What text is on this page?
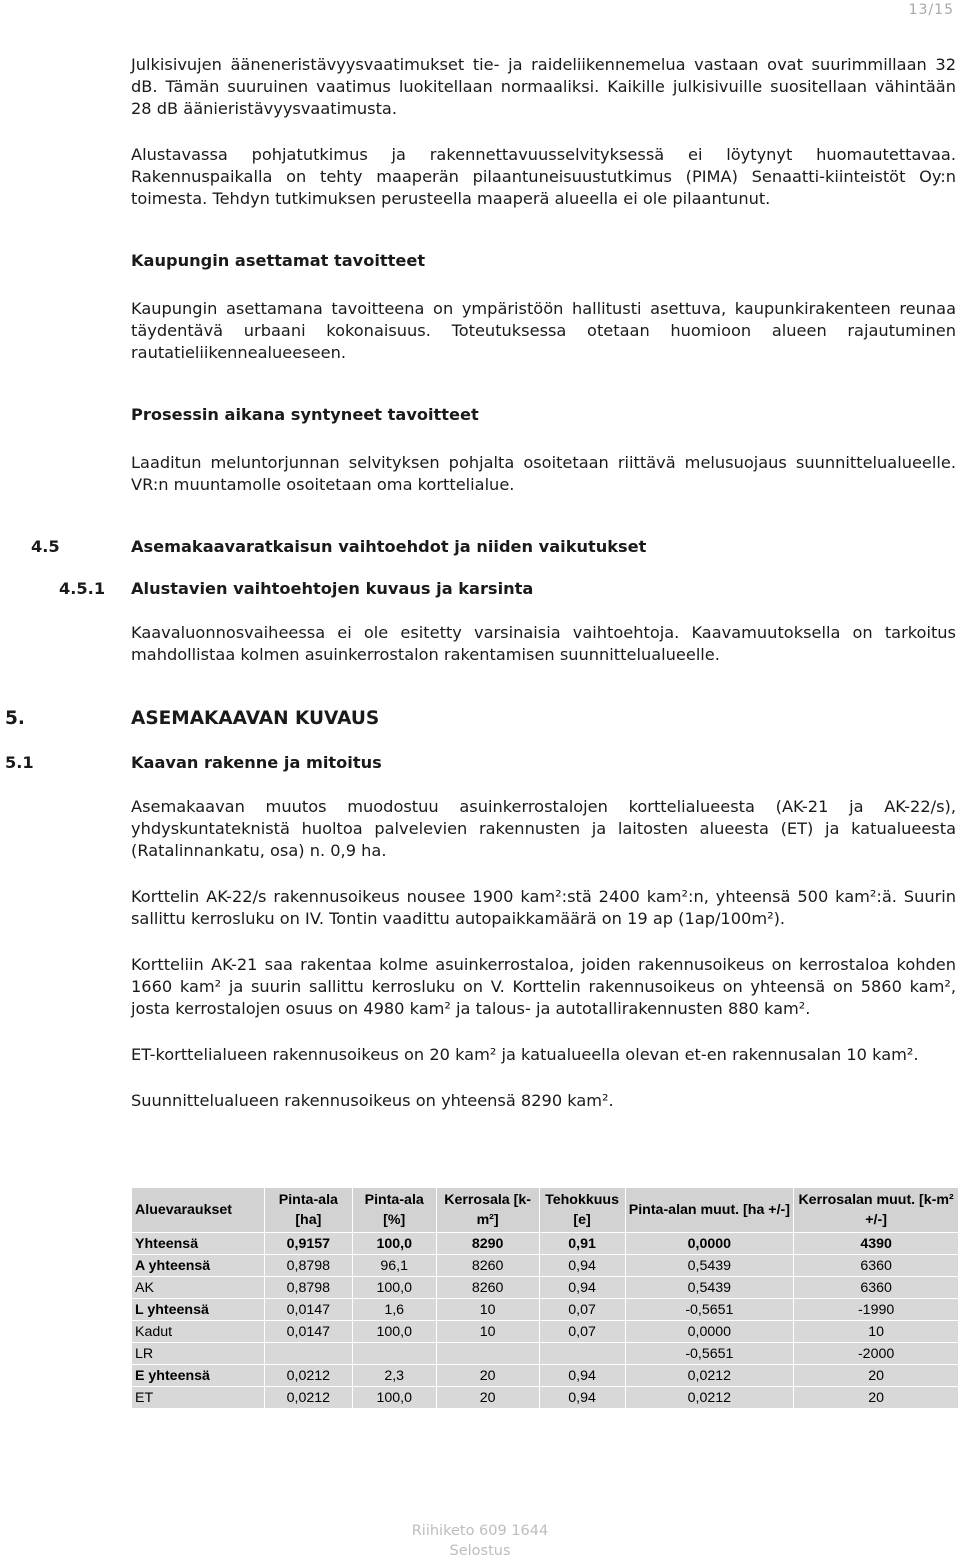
13/15

Julkisivujen ääneneristävyysvaatimukset tie- ja raideliikennemelua vastaan ovat suurimmillaan 32 dB. Tämän suuruinen vaatimus luokitellaan normaaliksi. Kaikille julkisivuille suositellaan vähintään 28 dB äänieristävyysvaatimusta.

Alustavassa pohjatutkimus ja rakennettavuusselvityksessä ei löytynyt huomautettavaa. Rakennuspaikalla on tehty maaperän pilaantuneisuustutkimus (PIMA) Senaatti-kiinteistöt Oy:n toimesta. Tehdyn tutkimuksen perusteella maaperä alueella ei ole pilaantunut.

Kaupungin asettamat tavoitteet

Kaupungin asettamana tavoitteena on ympäristöön hallitusti asettuva, kaupunkirakenteen reunaa täydentävä urbaani kokonaisuus. Toteutuksessa otetaan huomioon alueen rajautuminen rautatieliikennealueeseen.

Prosessin aikana syntyneet tavoitteet

Laaditun meluntorjunnan selvityksen pohjalta osoitetaan riittävä melusuojaus suunnittelualueelle. VR:n muuntamolle osoitetaan oma korttelialue.

4.5	Asemakaavaratkaisun vaihtoehdot ja niiden vaikutukset
4.5.1 Alustavien vaihtoehtojen kuvaus ja karsinta

Kaavaluonnosvaiheessa ei ole esitetty varsinaisia vaihtoehtoja. Kaavamuutoksella on tarkoitus mahdollistaa kolmen asuinkerrostalon rakentamisen suunnittelualueelle.

5.	ASEMAKAAVAN KUVAUS
5.1	Kaavan rakenne ja mitoitus

Asemakaavan muutos muodostuu asuinkerrostalojen korttelialueesta (AK-21 ja AK-22/s), yhdyskuntateknistä huoltoa palvelevien rakennusten ja laitosten alueesta (ET) ja katualueesta (Ratalinnankatu, osa) n. 0,9 ha.

Korttelin AK-22/s rakennusoikeus nousee 1900 kam²:stä 2400 kam²:n, yhteensä 500 kam²:ä. Suurin sallittu kerrosluku on IV. Tontin vaadittu autopaikkamäärä on 19 ap (1ap/100m²).

Kortteliin AK-21 saa rakentaa kolme asuinkerrostaloa, joiden rakennusoikeus on kerrostaloa kohden 1660 kam² ja suurin sallittu kerrosluku on V. Korttelin rakennusoikeus on yhteensä on 5860 kam², josta kerrostalojen osuus on 4980 kam² ja talous- ja autotallirakennusten 880 kam².

ET-korttelialueen rakennusoikeus on 20 kam² ja katualueella olevan et-en rakennusalan 10 kam².

Suunnittelualueen rakennusoikeus on yhteensä 8290 kam².

Aluevaraukset	Pinta-ala [ha]	Pinta-ala [%]	Kerrosala [k-m²]	Tehokkuus [e]	Pinta-alan muut. [ha +/-]	Kerrosalan muut. [k-m² +/-]
Yhteensä	0,9157	100,0	8290	0,91	0,0000	4390
A yhteensä	0,8798	96,1	8260	0,94	0,5439	6360
AK	0,8798	100,0	8260	0,94	0,5439	6360
L yhteensä	0,0147	1,6	10	0,07	-0,5651	-1990
Kadut	0,0147	100,0	10	0,07	0,0000	10
LR					-0,5651	-2000
E yhteensä	0,0212	2,3	20	0,94	0,0212	20
ET	0,0212	100,0	20	0,94	0,0212	20
Riihiketo 609 1644
Selostus
